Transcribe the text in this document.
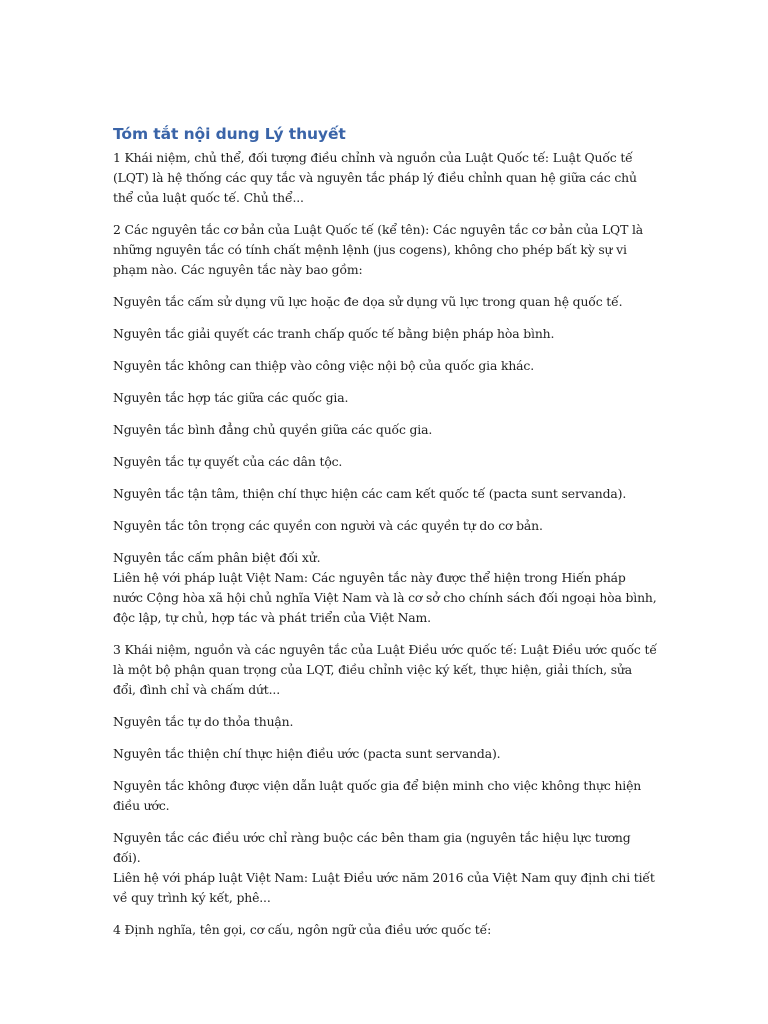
Tóm tắt nội dung Lý thuyết

1 Khái niệm, chủ thể, đối tượng điều chỉnh và nguồn của Luật Quốc tế: Luật Quốc tế (LQT) là hệ thống các quy tắc và nguyên tắc pháp lý điều chỉnh quan hệ giữa các chủ thể của luật quốc tế. Chủ thể...

2 Các nguyên tắc cơ bản của Luật Quốc tế (kể tên): Các nguyên tắc cơ bản của LQT là những nguyên tắc có tính chất mệnh lệnh (jus cogens), không cho phép bất kỳ sự vi phạm nào. Các nguyên tắc này bao gồm:

Nguyên tắc cấm sử dụng vũ lực hoặc đe dọa sử dụng vũ lực trong quan hệ quốc tế.

Nguyên tắc giải quyết các tranh chấp quốc tế bằng biện pháp hòa bình.

Nguyên tắc không can thiệp vào công việc nội bộ của quốc gia khác.

Nguyên tắc hợp tác giữa các quốc gia.

Nguyên tắc bình đẳng chủ quyền giữa các quốc gia.

Nguyên tắc tự quyết của các dân tộc.

Nguyên tắc tận tâm, thiện chí thực hiện các cam kết quốc tế (pacta sunt servanda).

Nguyên tắc tôn trọng các quyền con người và các quyền tự do cơ bản.

Nguyên tắc cấm phân biệt đối xử.

Liên hệ với pháp luật Việt Nam: Các nguyên tắc này được thể hiện trong Hiến pháp nước Cộng hòa xã hội chủ nghĩa Việt Nam và là cơ sở cho chính sách đối ngoại hòa bình, độc lập, tự chủ, hợp tác và phát triển của Việt Nam.

3 Khái niệm, nguồn và các nguyên tắc của Luật Điều ước quốc tế: Luật Điều ước quốc tế là một bộ phận quan trọng của LQT, điều chỉnh việc ký kết, thực hiện, giải thích, sửa đổi, đình chỉ và chấm dứt...

Nguyên tắc tự do thỏa thuận.

Nguyên tắc thiện chí thực hiện điều ước (pacta sunt servanda).

Nguyên tắc không được viện dẫn luật quốc gia để biện minh cho việc không thực hiện điều ước.

Nguyên tắc các điều ước chỉ ràng buộc các bên tham gia (nguyên tắc hiệu lực tương đối).

Liên hệ với pháp luật Việt Nam: Luật Điều ước năm 2016 của Việt Nam quy định chi tiết về quy trình ký kết, phê...

4 Định nghĩa, tên gọi, cơ cấu, ngôn ngữ của điều ước quốc tế:
